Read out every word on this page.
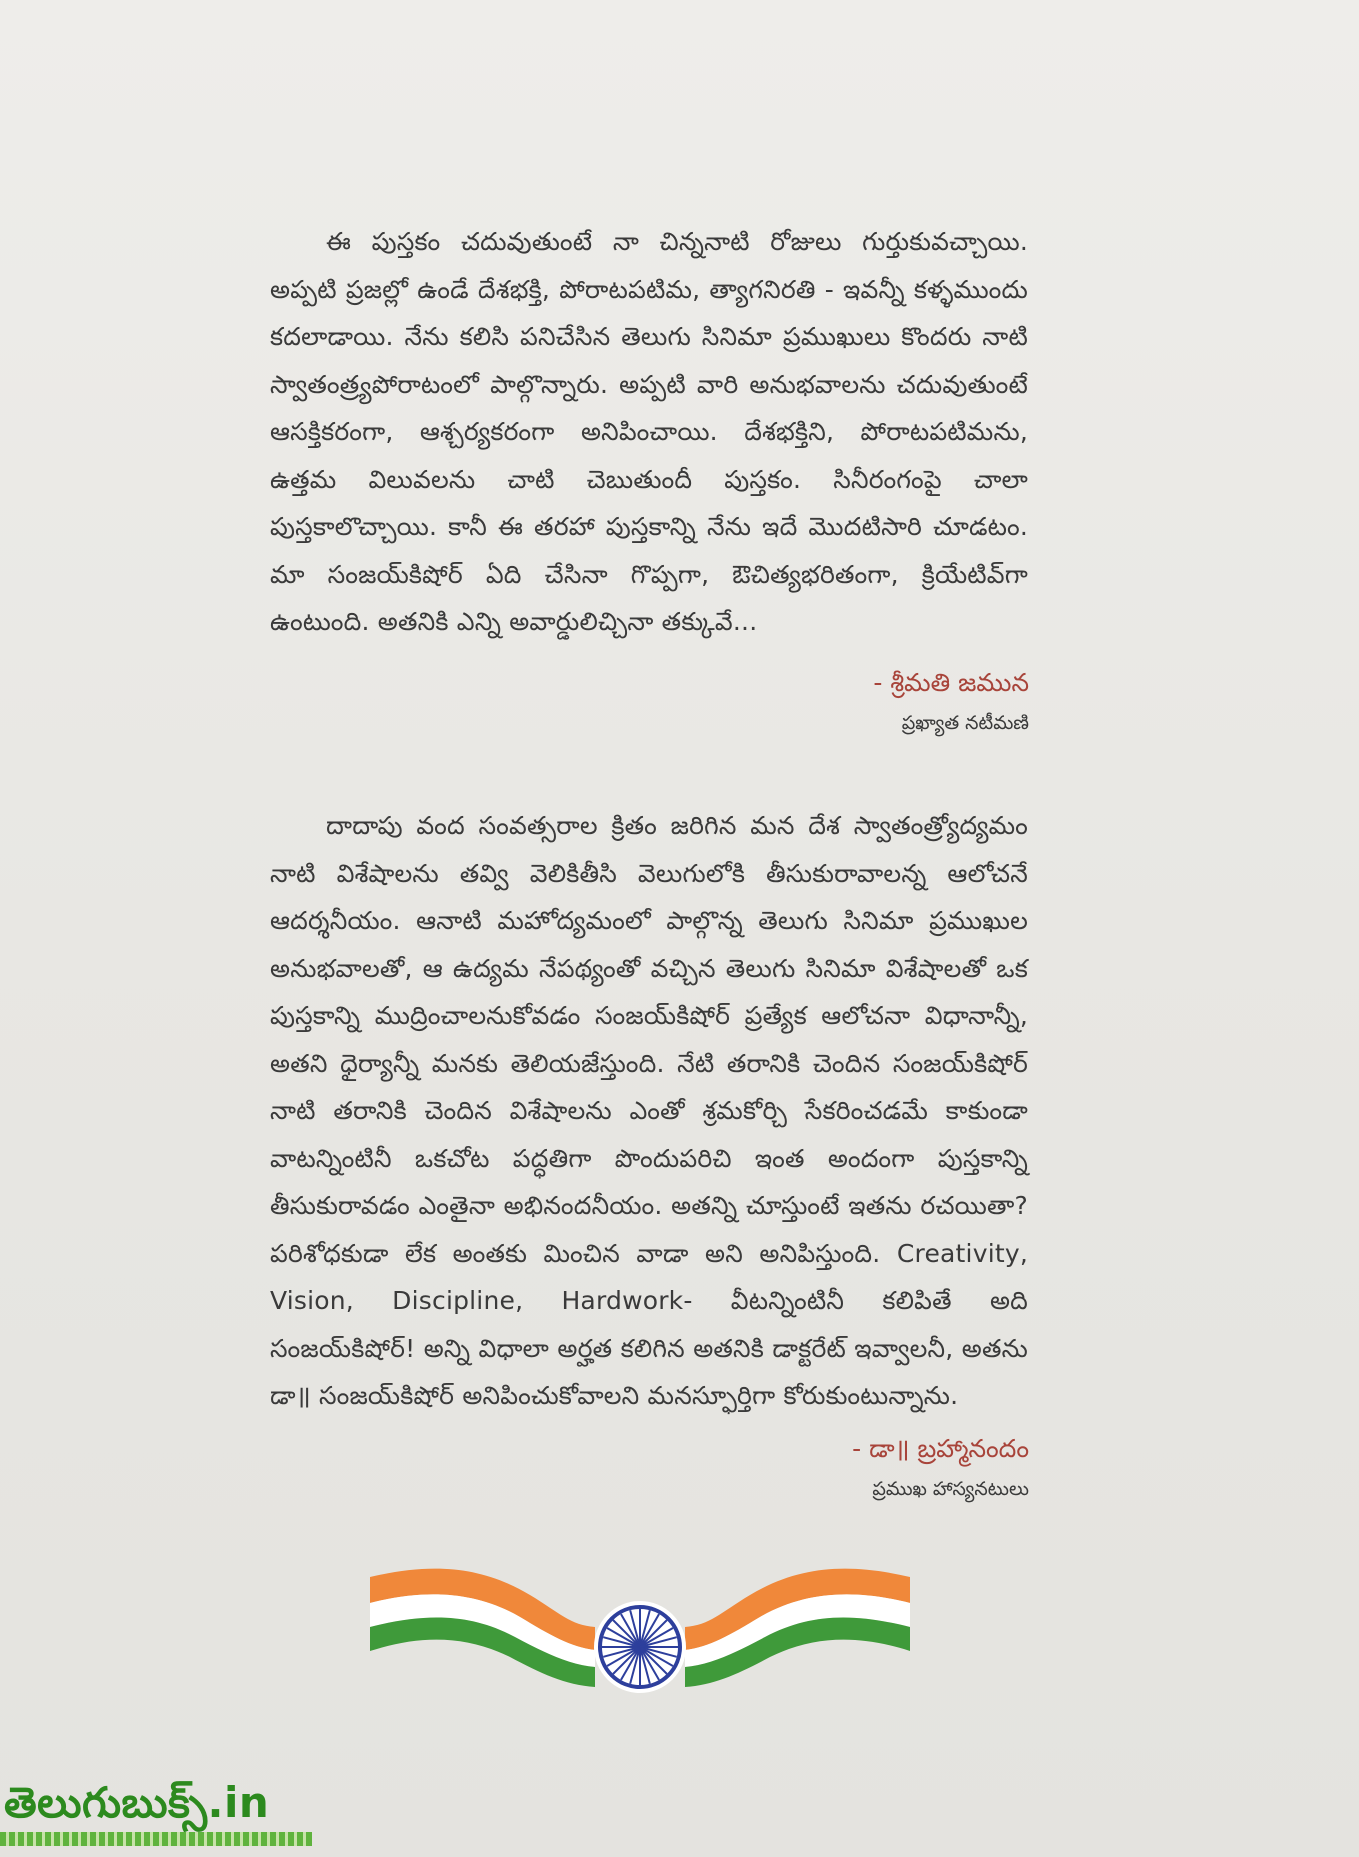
ఈ పుస్తకం చదువుతుంటే నా చిన్ననాటి రోజులు గుర్తుకువచ్చాయి. అప్పటి ప్రజల్లో ఉండే దేశభక్తి, పోరాటపటిమ, త్యాగనిరతి - ఇవన్నీ కళ్ళముందు కదలాడాయి. నేను కలిసి పనిచేసిన తెలుగు సినిమా ప్రముఖులు కొందరు నాటి స్వాతంత్ర్యపోరాటంలో పాల్గొన్నారు. అప్పటి వారి అనుభవాలను చదువుతుంటే ఆసక్తికరంగా, ఆశ్చర్యకరంగా అనిపించాయి. దేశభక్తిని, పోరాటపటిమను, ఉత్తమ విలువలను చాటి చెబుతుందీ పుస్తకం. సినీరంగంపై చాలా పుస్తకాలొచ్చాయి. కానీ ఈ తరహా పుస్తకాన్ని నేను ఇదే మొదటిసారి చూడటం. మా సంజయ్‌కిషోర్ ఏది చేసినా గొప్పగా, ఔచిత్యభరితంగా, క్రియేటివ్‌గా ఉంటుంది. అతనికి ఎన్ని అవార్డులిచ్చినా తక్కువే...

- శ్రీమతి జమున
ప్రఖ్యాత నటీమణి

దాదాపు వంద సంవత్సరాల క్రితం జరిగిన మన దేశ స్వాతంత్ర్యోద్యమం నాటి విశేషాలను తవ్వి వెలికితీసి వెలుగులోకి తీసుకురావాలన్న ఆలోచనే ఆదర్శనీయం. ఆనాటి మహోద్యమంలో పాల్గొన్న తెలుగు సినిమా ప్రముఖుల అనుభవాలతో, ఆ ఉద్యమ నేపథ్యంతో వచ్చిన తెలుగు సినిమా విశేషాలతో ఒక పుస్తకాన్ని ముద్రించాలనుకోవడం సంజయ్‌కిషోర్ ప్రత్యేక ఆలోచనా విధానాన్నీ, అతని ధైర్యాన్నీ మనకు తెలియజేస్తుంది. నేటి తరానికి చెందిన సంజయ్‌కిషోర్ నాటి తరానికి చెందిన విశేషాలను ఎంతో శ్రమకోర్చి సేకరించడమే కాకుండా వాటన్నింటినీ ఒకచోట పద్ధతిగా పొందుపరిచి ఇంత అందంగా పుస్తకాన్ని తీసుకురావడం ఎంతైనా అభినందనీయం. అతన్ని చూస్తుంటే ఇతను రచయితా? పరిశోధకుడా లేక అంతకు మించిన వాడా అని అనిపిస్తుంది. Creativity, Vision, Discipline, Hardwork- వీటన్నింటినీ కలిపితే అది సంజయ్‌కిషోర్! అన్ని విధాలా అర్హత కలిగిన అతనికి డాక్టరేట్ ఇవ్వాలనీ, అతను డా॥ సంజయ్‌కిషోర్ అనిపించుకోవాలని మనస్ఫూర్తిగా కోరుకుంటున్నాను.

- డా॥ బ్రహ్మానందం
ప్రముఖ హాస్యనటులు
తెలుగుబుక్స్.in
